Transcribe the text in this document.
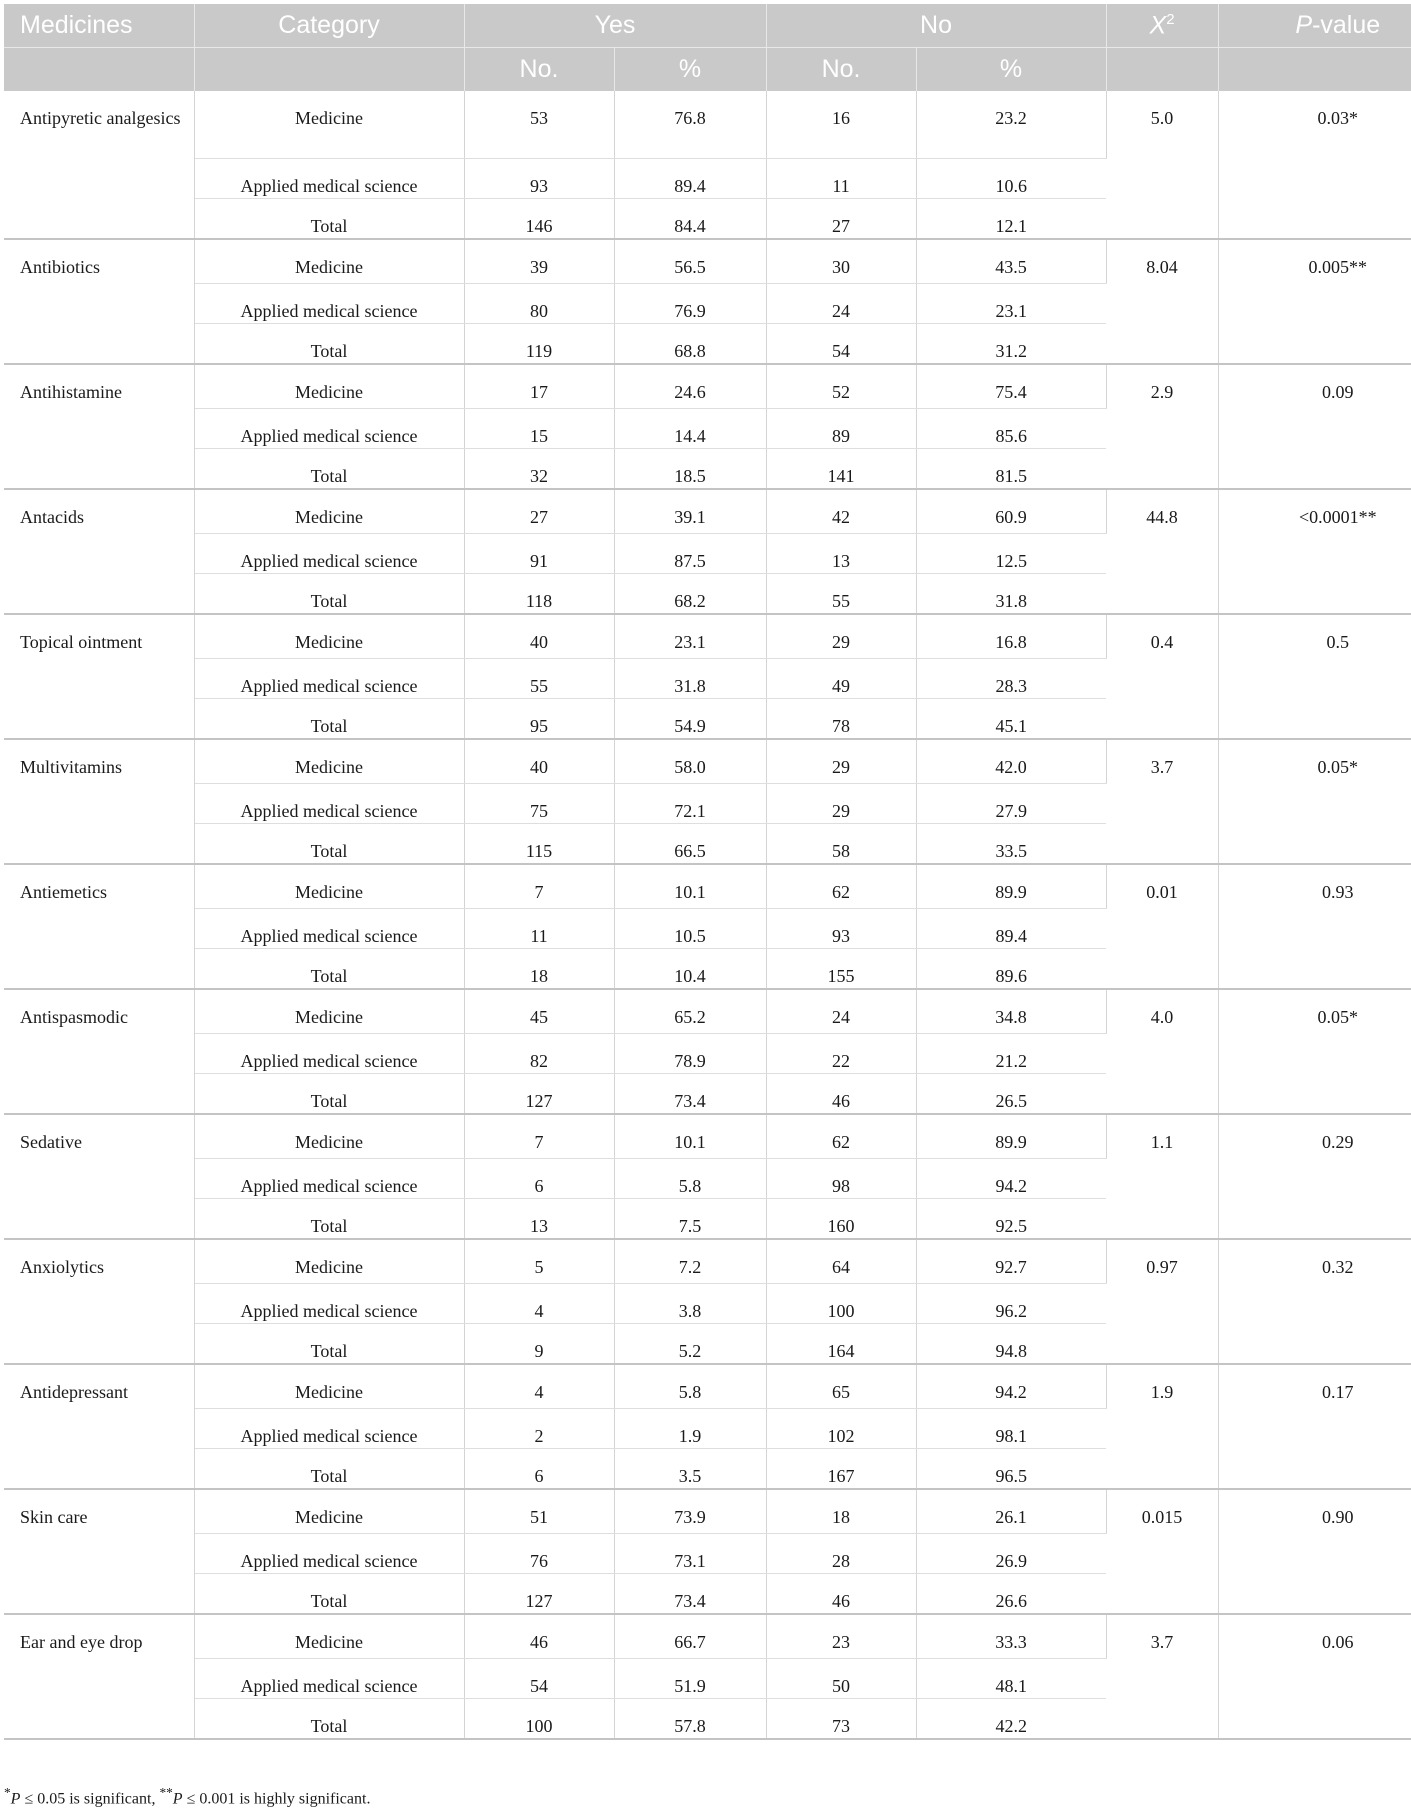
Medicines	Category	Yes		No		$X^2$	P-value
		No.	%	No.	%		
Antipyretic analgesics	Medicine	53	76.8	16	23.2	5.0	0.03*
	Applied medical science	93	89.4	11	10.6		
	Total	146	84.4	27	12.1		
Antibiotics	Medicine	39	56.5	30	43.5	8.04	0.005**
	Applied medical science	80	76.9	24	23.1		
	Total	119	68.8	54	31.2		
Antihistamine	Medicine	17	24.6	52	75.4	2.9	0.09
	Applied medical science	15	14.4	89	85.6		
	Total	32	18.5	141	81.5		
Antacids	Medicine	27	39.1	42	60.9	44.8	<0.0001**
	Applied medical science	91	87.5	13	12.5		
	Total	118	68.2	55	31.8		
Topical ointment	Medicine	40	23.1	29	16.8	0.4	0.5
	Applied medical science	55	31.8	49	28.3		
	Total	95	54.9	78	45.1		
Multivitamins	Medicine	40	58.0	29	42.0	3.7	0.05*
	Applied medical science	75	72.1	29	27.9		
	Total	115	66.5	58	33.5		
Antiemetics	Medicine	7	10.1	62	89.9	0.01	0.93
	Applied medical science	11	10.5	93	89.4		
	Total	18	10.4	155	89.6		
Antispasmodic	Medicine	45	65.2	24	34.8	4.0	0.05*
	Applied medical science	82	78.9	22	21.2		
	Total	127	73.4	46	26.5		
Sedative	Medicine	7	10.1	62	89.9	1.1	0.29
	Applied medical science	6	5.8	98	94.2		
	Total	13	7.5	160	92.5		
Anxiolytics	Medicine	5	7.2	64	92.7	0.97	0.32
	Applied medical science	4	3.8	100	96.2		
	Total	9	5.2	164	94.8		
Antidepressant	Medicine	4	5.8	65	94.2	1.9	0.17
	Applied medical science	2	1.9	102	98.1		
	Total	6	3.5	167	96.5		
Skin care	Medicine	51	73.9	18	26.1	0.015	0.90
	Applied medical science	76	73.1	28	26.9		
	Total	127	73.4	46	26.6		
Ear and eye drop	Medicine	46	66.7	23	33.3	3.7	0.06
	Applied medical science	54	51.9	50	48.1		
	Total	100	57.8	73	42.2		
*P ≤ 0.05 is significant, **P ≤ 0.001 is highly significant.
